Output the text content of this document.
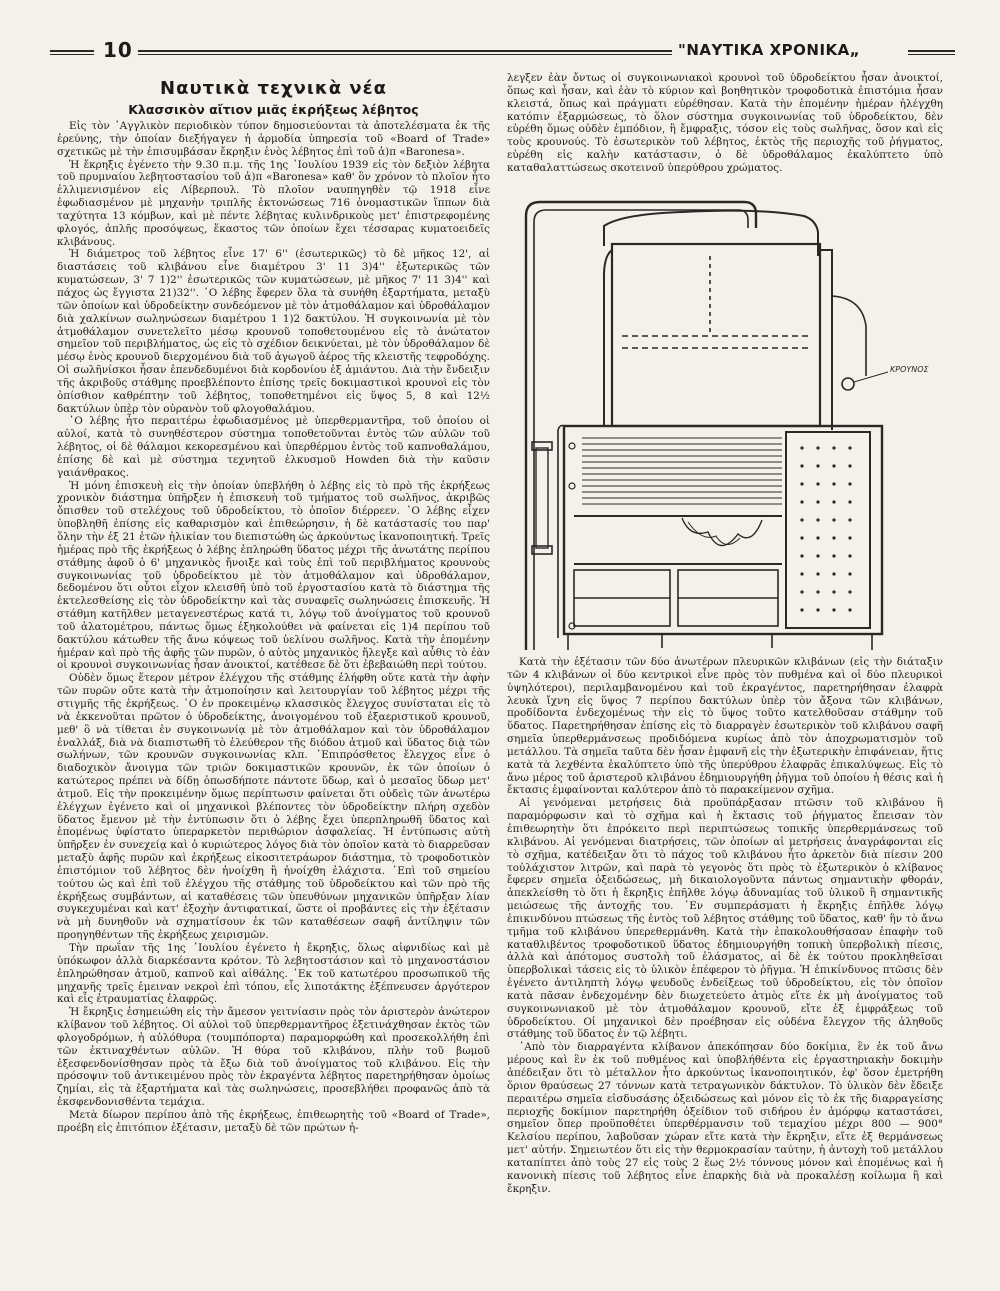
10	"ΝΑΥΤΙΚΑ ΧΡΟΝΙΚΑ„
Ναυτικὰ τεχνικὰ νέα
Κλασσικὸν αἴτιον μιᾶς ἐκρήξεως λέβητος

Εἰς τὸν ᾿Αγγλικὸν περιοδικὸν τύπον δημοσιεύονται τὰ ἀποτελέσματα ἐκ τῆς ἐρεύνης, τὴν ὁποίαν διεξήγαγεν ἡ ἁρμοδία ὑπηρεσία τοῦ «Board of Trade» σχετικῶς μὲ τὴν ἐπισυμβάσαν ἔκρηξιν ἑνὸς λέβητος ἐπὶ τοῦ ἀ)π «Baronesa».

Ἡ ἔκρηξις ἐγένετο τὴν 9.30 π.μ. τῆς 1ης ᾿Ιουλίου 1939 εἰς τὸν δεξιὸν λέβητα τοῦ πρυμναίου λεβητοστασίου τοῦ ἀ)π «Baronesa» καθ' ὃν χρόνον τὸ πλοῖον ἦτο ἐλλιμενισμένον εἰς Λίβερπουλ. Τὸ πλοῖον ναυπηγηθὲν τῷ 1918 εἶνε ἐφωδιασμένον μὲ μηχανὴν τριπλῆς ἐκτονώσεως 716 ὀνομαστικῶν ἵππων διὰ ταχύτητα 13 κόμβων, καὶ μὲ πέντε λέβητας κυλινδρικοὺς μετ' ἐπιστρεφομένης φλογός, ἁπλῆς προσόψεως, ἕκαστος τῶν ὁποίων ἔχει τέσσαρας κυματοειδεῖς κλιβάνους.

Ἡ διάμετρος τοῦ λέβητος εἶνε 17' 6'' (ἐσωτερικῶς) τὸ δὲ μῆκος 12', αἱ διαστάσεις τοῦ κλιβάνου εἶνε διαμέτρου 3' 11 3)4'' ἐξωτερικῶς τῶν κυματώσεων, 3' 7 1)2'' ἐσωτερικῶς τῶν κυματώσεων, μὲ μῆκος 7' 11 3)4'' καὶ πάχος ὡς ἔγγιστα 21)32''. ῾Ο λέβης ἔφερεν ὅλα τὰ συνήθη ἐξαρτήματα, μεταξὺ τῶν ὁποίων καὶ ὑδροδείκτην συνδεόμενον μὲ τὸν ἀτμοθάλαμον καὶ ὑδροθάλαμον διὰ χαλκίνων σωληνώσεων διαμέτρου 1 1)2 δακτύλου. Ἡ συγκοινωνία μὲ τὸν ἀτμοθάλαμον συνετελεῖτο μέσῳ κρουνοῦ τοποθετουμένου εἰς τὸ ἀνώτατον σημεῖον τοῦ περιβλήματος, ὡς εἰς τὸ σχέδιον δεικνύεται, μὲ τὸν ὑδροθάλαμον δὲ μέσῳ ἑνὸς κρουνοῦ διερχομένου διὰ τοῦ ἀγωγοῦ ἀέρος τῆς κλειστῆς τεφροδόχης. Οἱ σωλῆνίσκοι ἦσαν ἐπενδεδυμένοι διὰ κορδονίου ἐξ ἀμιάντου. Διὰ τὴν ἔνδειξιν τῆς ἀκριβοῦς στάθμης προεβλέποντο ἐπίσης τρεῖς δοκιμαστικοὶ κρουνοὶ εἰς τὸν ὀπίσθιον καθρέπτην τοῦ λέβητος, τοποθετημένοι εἰς ὕψος 5, 8 καὶ 12½ δακτύλων ὑπὲρ τὸν οὐρανὸν τοῦ φλογοθαλάμου.

῾Ο λέβης ἦτο περαιτέρω ἐφωδιασμένος μὲ ὑπερθερμαντῆρα, τοῦ ὁποίου οἱ αὐλοί, κατὰ τὸ συνηθέστερον σύστημα τοποθετοῦνται ἐντὸς τῶν αὐλῶν τοῦ λέβητος, οἱ δὲ θάλαμοι κεκορεσμένου καὶ ὑπερθέρμου ἐντὸς τοῦ καπνοθαλάμου, ἐπίσης δὲ καὶ μὲ σύστημα τεχνητοῦ ἑλκυσμοῦ Howden διὰ τὴν καῦσιν γαιάνθρακος.

Ἡ μόνη ἐπισκευὴ εἰς τὴν ὁποίαν ὑπεβλήθη ὁ λέβης εἰς τὸ πρὸ τῆς ἐκρήξεως χρονικὸν διάστημα ὑπῆρξεν ἡ ἐπισκευὴ τοῦ τμήματος τοῦ σωλῆνος, ἀκριβῶς ὄπισθεν τοῦ στελέχους τοῦ ὑδροδείκτου, τὸ ὁποῖον διέρρεεν. ῾Ο λέβης εἶχεν ὑποβληθῆ ἐπίσης εἰς καθαρισμὸν καὶ ἐπιθεώρησιν, ἡ δὲ κατάστασίς του παρ' ὅλην τὴν ἐξ 21 ἐτῶν ἡλικίαν του διεπιστώθη ὡς ἀρκούντως ἱκανοποιητική. Τρεῖς ἡμέρας πρὸ τῆς ἐκρήξεως ὁ λέβης ἐπληρώθη ὕδατος μέχρι τῆς ἀνωτάτης περίπου στάθμης ἀφοῦ ὁ 6' μηχανικὸς ἤνοιξε καὶ τοὺς ἐπὶ τοῦ περιβλήματος κρουνοὺς συγκοινωνίας τοῦ ὑδροδείκτου μὲ τὸν ἀτμοθάλαμον καὶ ὑδροθάλαμον, δεδομένου ὅτι οὗτοι εἶχον κλεισθῆ ὑπὸ τοῦ ἐργοστασίου κατὰ τὸ διάστημα τῆς ἐκτελεσθείσης εἰς τὸν ὑδροδείκτην καὶ τὰς συναφεῖς σωληνώσεις ἐπισκευῆς. Ἡ στάθμη κατῆλθεν μεταγενεστέρως κατά τι, λόγῳ τοῦ ἀνοίγματος τοῦ κρουνοῦ τοῦ ἀλατομέτρου, πάντως ὅμως ἐξηκολούθει νὰ φαίνεται εἰς 1)4 περίπου τοῦ δακτύλου κάτωθεν τῆς ἄνω κόψεως τοῦ ὑελίνου σωλῆνος. Κατὰ τὴν ἑπομένην ἡμέραν καὶ πρὸ τῆς ἀφῆς τῶν πυρῶν, ὁ αὐτὸς μηχανικὸς ἤλεγξε καὶ αὖθις τὸ ἐὰν οἱ κρουνοὶ συγκοινωνίας ἦσαν ἀνοικτοί, κατέθεσε δὲ ὅτι ἐβεβαιώθη περὶ τούτου.

Οὐδὲν ὅμως ἕτερον μέτρον ἐλέγχου τῆς στάθμης ἐλήφθη οὔτε κατὰ τὴν ἀφὴν τῶν πυρῶν οὔτε κατὰ τὴν ἀτμοποίησιν καὶ λειτουργίαν τοῦ λέβητος μέχρι τῆς στιγμῆς τῆς ἐκρήξεως. ῾Ο ἐν προκειμένῳ κλασσικὸς ἔλεγχος συνίσταται εἰς τὸ νὰ ἐκκενοῦται πρῶτον ὁ ὑδροδείκτης, ἀνοιγομένου τοῦ ἐξαεριστικοῦ κρουνοῦ, μεθ' ὃ νὰ τίθεται ἐν συγκοινωνίᾳ μὲ τὸν ἀτμοθάλαμον καὶ τὸν ὑδροθάλαμον ἐναλλάξ, διὰ νὰ διαπιστωθῆ τὸ ἐλεύθερον τῆς διόδου ἀτμοῦ καὶ ὕδατος διὰ τῶν σωλήνων, τῶν κρουνῶν συγκοινωνίας κλπ. ᾿Επιπρόσθετος ἔλεγχος εἶνε ὁ διαδοχικὸν ἄνοιγμα τῶν τριῶν δοκιμαστικῶν κρουνῶν, ἐκ τῶν ὁποίων ὁ κατώτερος πρέπει νὰ δίδῃ ὁπωσδήποτε πάντοτε ὕδωρ, καὶ ὁ μεσαῖος ὕδωρ μετ' ἀτμοῦ. Εἰς τὴν προκειμένην ὅμως περίπτωσιν φαίνεται ὅτι οὐδεὶς τῶν ἀνωτέρω ἐλέγχων ἐγένετο καὶ οἱ μηχανικοὶ βλέποντες τὸν ὑδροδείκτην πλήρη σχεδὸν ὕδατος ἔμενον μὲ τὴν ἐντύπωσιν ὅτι ὁ λέβης ἔχει ὑπερπληρωθῆ ὕδατος καὶ ἑπομένως ὑφίστατο ὑπεραρκετὸν περιθώριον ἀσφαλείας. Ἡ ἐντύπωσις αὐτὴ ὑπῆρξεν ἐν συνεχείᾳ καὶ ὁ κυριώτερος λόγος διὰ τὸν ὁποῖον κατὰ τὸ διαρρεῦσαν μεταξὺ ἀφῆς πυρῶν καὶ ἐκρήξεως εἰκοσιτετράωρον διάστημα, τὸ τροφοδοτικὸν ἐπιστόμιον τοῦ λέβητος δὲν ἠνοίχθη ἢ ἠνοίχθη ἐλάχιστα. ᾿Επὶ τοῦ σημείου τούτου ὡς καὶ ἐπὶ τοῦ ἐλέγχου τῆς στάθμης τοῦ ὑδροδείκτου καὶ τῶν πρὸ τῆς ἐκρήξεως συμβάντων, αἱ καταθέσεις τῶν ὑπευθύνων μηχανικῶν ὑπῆρξαν λίαν συγκεχυμέναι καὶ κατ' ἐξοχὴν ἀντιφατικαί, ὥστε οἱ προβάντες εἰς τὴν ἐξέτασιν νὰ μὴ δυνηθοῦν νὰ σχηματίσουν ἐκ τῶν καταθέσεων σαφῆ ἀντίληψιν τῶν προηγηθέντων τῆς ἐκρήξεως χειρισμῶν.

Τὴν πρωΐαν τῆς 1ης ᾿Ιουλίου ἐγένετο ἡ ἔκρηξις, ὅλως αἰφνιδίως καὶ μὲ ὑπόκωφον ἀλλὰ διαρκέσαντα κρότον. Τὸ λεβητοστάσιον καὶ τὸ μηχανοστάσιον ἐπληρώθησαν ἀτμοῦ, καπνοῦ καὶ αἰθάλης. ᾿Εκ τοῦ κατωτέρου προσωπικοῦ τῆς μηχανῆς τρεῖς ἐμειναν νεκροὶ ἐπὶ τόπου, εἷς λιποτάκτης ἐξέπνευσεν ἀργότερον καὶ εἷς ἐτραυματίας ἐλαφρῶς.

Ἡ ἔκρηξις ἐσημειώθη εἰς τὴν ἄμεσον γειτνίασιν πρὸς τὸν ἀριστερὸν ἀνώτερον κλίβανον τοῦ λέβητος. Οἱ αὐλοὶ τοῦ ὑπερθερμαντῆρος ἐξετινάχθησαν ἐκτὸς τῶν φλογοδρόμων, ἡ αὐλόθυρα (τουμπόπορτα) παραμορφώθη καὶ προσεκολλήθη ἐπὶ τῶν ἐκτιναχθέντων αὐλῶν. Ἡ θύρα τοῦ κλιβάνου, πλὴν τοῦ βωμοῦ ἐξεσφενδονίσθησαν πρὸς τὰ ἔξω διὰ τοῦ ἀνοίγματος τοῦ κλιβάνου. Εἰς τὴν πρόσοψιν τοῦ ἀντικειμένου πρὸς τὸν ἐκραγέντα λέβητος παρετηρήθησαν ὁμοίως ζημίαι, εἰς τὰ ἐξαρτήματα καὶ τὰς σωληνώσεις, προσεβλήθει προφανῶς ἀπὸ τὰ ἐκσφενδονισθέντα τεμάχια.

Μετὰ δίωρον περίπου ἀπὸ τῆς ἐκρήξεως, ἐπιθεωρητὴς τοῦ «Board of Trade», προέβη εἰς ἐπιτόπιον ἐξέτασιν, μεταξὺ δὲ τῶν πρώτων ἠ-

λεγξεν ἐὰν ὄντως οἱ συγκοινωνιακοὶ κρουνοὶ τοῦ ὑδροδείκτου ἦσαν ἀνοικτοί, ὅπως καὶ ἦσαν, καὶ ἐὰν τὸ κύριον καὶ βοηθητικὸν τροφοδοτικὰ ἐπιστόμια ἦσαν κλειστά, ὅπως καὶ πράγματι εὑρέθησαν. Κατὰ τὴν ἑπομένην ἡμέραν ἠλέγχθη κατόπιν ἐξαρμώσεως, τὸ ὅλον σύστημα συγκοινωνίας τοῦ ὑδροδείκτου, δὲν εὑρέθη ὅμως οὐδὲν ἐμπόδιον, ἢ ἔμφραξις, τόσον εἰς τοὺς σωλῆνας, ὅσον καὶ εἰς τοὺς κρουνούς. Τὸ ἐσωτερικὸν τοῦ λέβητος, ἐκτὸς τῆς περιοχῆς τοῦ ῥήγματος, εὑρέθη εἰς καλὴν κατάστασιν, ὁ δὲ ὑδροθάλαμος ἐκαλύπτετο ὑπὸ καταθαλαττώσεως σκοτεινοῦ ὑπερύθρου χρώματος.

ΚΡΟΥΝΟΣ

Κατὰ τὴν ἐξέτασιν τῶν δύο ἀνωτέρων πλευρικῶν κλιβάνων (εἰς τὴν διάταξιν τῶν 4 κλιβάνων οἱ δύο κεντρικοὶ εἶνε πρὸς τὸν πυθμένα καὶ οἱ δύο πλευρικοὶ ὑψηλότεροι), περιλαμβανομένου καὶ τοῦ ἐκραγέντος, παρετηρήθησαν ἐλαφρὰ λευκὰ ἴχνη εἰς ὕψος 7 περίπου δακτύλων ὑπὲρ τὸν ἄξονα τῶν κλιβάνων, προδίδοντα ἐνδεχομένως τὴν εἰς τὸ ὕψος τοῦτο κατελθοῦσαν στάθμην τοῦ ὕδατος. Παρετηρήθησαν ἐπίσης εἰς τὸ διαρραγὲν ἐσωτερικὸν τοῦ κλιβάνου σαφῆ σημεῖα ὑπερθερμάνσεως προδιδόμενα κυρίως ἀπὸ τὸν ἀποχρωματισμὸν τοῦ μετάλλου. Τὰ σημεῖα ταῦτα δὲν ἦσαν ἐμφανῆ εἰς τὴν ἐξωτερικὴν ἐπιφάνειαν, ἥτις κατὰ τὰ λεχθέντα ἐκαλύπτετο ὑπὸ τῆς ὑπερύθρου ἐλαφρᾶς ἐπικαλύψεως. Εἰς τὸ ἄνω μέρος τοῦ ἀριστεροῦ κλιβάνου ἐδημιουργήθη ῥῆγμα τοῦ ὁποίου ἡ θέσις καὶ ἡ ἔκτασις ἐμφαίνονται καλύτερον ἀπὸ τὸ παρακείμενον σχῆμα.

Αἱ γενόμεναι μετρήσεις διὰ προϋπάρξασαν πτῶσιν τοῦ κλιβάνου ἢ παραμόρφωσιν καὶ τὸ σχῆμα καὶ ἡ ἔκτασις τοῦ ῥήγματος ἔπεισαν τὸν ἐπιθεωρητὴν ὅτι ἐπρόκειτο περὶ περιπτώσεως τοπικῆς ὑπερθερμάνσεως τοῦ κλιβάνου. Αἱ γενόμεναι διατρήσεις, τῶν ὁποίων αἱ μετρήσεις ἀναγράφονται εἰς τὸ σχῆμα, κατέδειξαν ὅτι τὸ πάχος τοῦ κλιβάνου ἦτο ἀρκετὸν διὰ πίεσιν 200 τοὐλάχιστον λιτρῶν, καὶ παρὰ τὸ γεγονὸς ὅτι πρὸς τὸ ἐξωτερικὸν ὁ κλίβανος ἔφερεν σημεῖα ὀξειδώσεως, μὴ δικαιολογοῦντα πάντως σημαντικὴν φθοράν, ἀπεκλείσθη τὸ ὅτι ἡ ἔκρηξις ἐπῆλθε λόγῳ ἀδυναμίας τοῦ ὑλικοῦ ἢ σημαντικῆς μειώσεως τῆς ἀντοχῆς του. ᾿Εν συμπεράσματι ἡ ἔκρηξις ἐπῆλθε λόγῳ ἐπικινδύνου πτώσεως τῆς ἐντὸς τοῦ λέβητος στάθμης τοῦ ὕδατος, καθ' ἣν τὸ ἄνω τμῆμα τοῦ κλιβάνου ὑπερεθερμάνθη. Κατὰ τὴν ἐπακολουθήσασαν ἐπαφὴν τοῦ καταθλιβέντος τροφοδοτικοῦ ὕδατος ἐδημιουργήθη τοπικὴ ὑπερβολικὴ πίεσις, ἀλλὰ καὶ ἀπότομος συστολὴ τοῦ ἐλάσματος, αἱ δὲ ἐκ τούτου προκληθεῖσαι ὑπερβολικαὶ τάσεις εἰς τὸ ὑλικὸν ἐπέφερον τὸ ῥῆγμα. Ἡ ἐπικίνδυνος πτῶσις δὲν ἐγένετο ἀντιληπτὴ λόγῳ ψευδοῦς ἐνδείξεως τοῦ ὑδροδείκτου, εἰς τὸν ὁποῖον κατὰ πᾶσαν ἐνδεχομένην δὲν διωχετεύετο ἀτμὸς εἴτε ἐκ μὴ ἀνοίγματος τοῦ συγκοινωνιακοῦ μὲ τὸν ἀτμοθάλαμον κρουνοῦ, εἴτε ἐξ ἐμφράξεως τοῦ ὑδροδείκτου. Οἱ μηχανικοὶ δὲν προέβησαν εἰς οὐδένα ἔλεγχον τῆς ἀληθοῦς στάθμης τοῦ ὕδατος ἐν τῷ λέβητι.

᾿Απὸ τὸν διαρραγέντα κλίβανον ἀπεκόπησαν δύο δοκίμια, ἓν ἐκ τοῦ ἄνω μέρους καὶ ἓν ἐκ τοῦ πυθμένος καὶ ὑποβλήθέντα εἰς ἐργαστηριακὴν δοκιμὴν ἀπέδειξαν ὅτι τὸ μέταλλον ἦτο ἀρκούντως ἱκανοποιητικόν, ἐφ' ὅσον ἐμετρήθη ὅριον θραύσεως 27 τόννων κατὰ τετραγωνικὸν δάκτυλον. Τὸ ὑλικὸν δὲν ἔδειξε περαιτέρω σημεῖα εἰσδυσάσης ὀξειδώσεως καὶ μόνον εἰς τὸ ἐκ τῆς διαρραγείσης περιοχῆς δοκίμιον παρετηρήθη ὀξείδιον τοῦ σιδήρου ἐν ἀμόρφῳ καταστάσει, σημεῖον ὅπερ προϋποθέτει ὑπερθέρμανσιν τοῦ τεμαχίου μέχρι 800 — 900° Κελσίου περίπου, λαβοῦσαν χώραν εἴτε κατὰ τὴν ἔκρηξιν, εἴτε ἐξ θερμάνσεως μετ' αὐτήν. Σημειωτέον ὅτι εἰς τὴν θερμοκρασίαν ταύτην, ἡ ἀντοχὴ τοῦ μετάλλου καταπίπτει ἀπὸ τοὺς 27 εἰς τοὺς 2 ἕως 2½ τόννους μόνον καὶ ἑπομένως καὶ ἡ κανονικὴ πίεσις τοῦ λέβητος εἶνε ἐπαρκὴς διὰ νὰ προκαλέσῃ κοίλωμα ἢ καὶ ἔκρηξιν.
